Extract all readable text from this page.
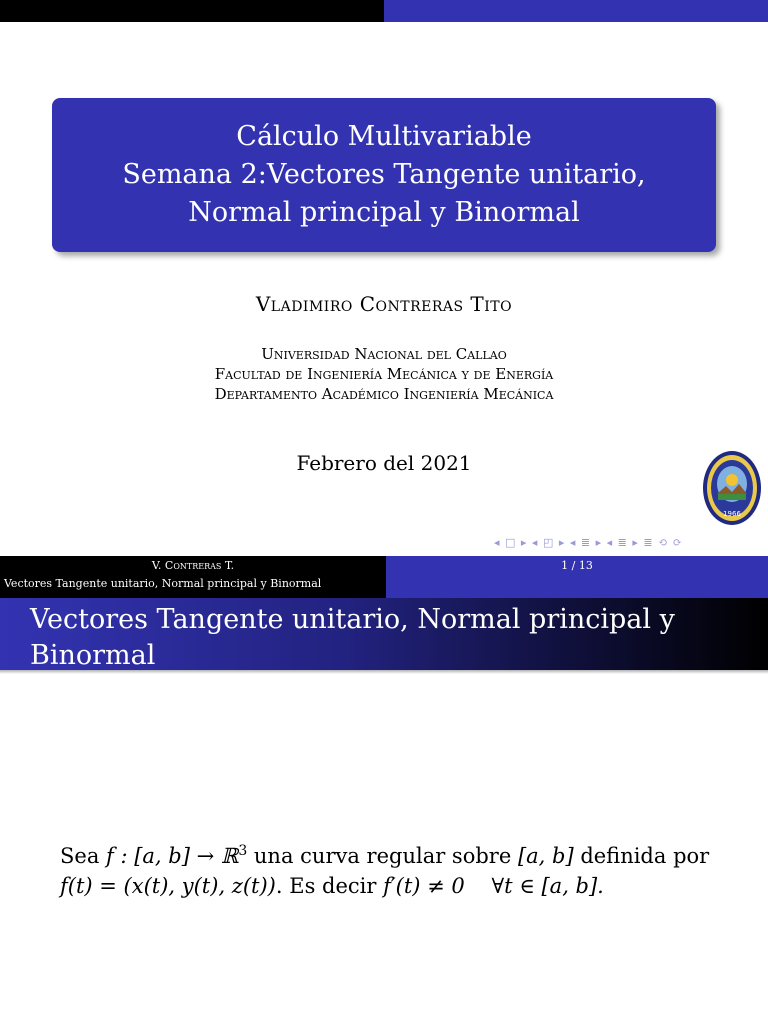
Cálculo Multivariable
Semana 2:Vectores Tangente unitario,
Normal principal y Binormal
Vladimiro Contreras Tito
Universidad Nacional del Callao
Facultad de Ingeniería Mecánica y de Energía
Departamento Académico Ingeniería Mecánica
Febrero del 2021
1966
◂ □ ▸ ◂ ◰ ▸ ◂ ≣ ▸ ◂ ≣ ▸ ≣ ⟲ ⟳
V. Contreras T.
Vectores Tangente unitario, Normal principal y Binormal
1 / 13
Vectores Tangente unitario, Normal principal y Binormal
Sea f : [a, b] → ℝ$^3$ una curva regular sobre [a, b] definida por
f(t) = (x(t), y(t), z(t)). Es decir f′(t) ≠ 0    ∀t ∈ [a, b].
